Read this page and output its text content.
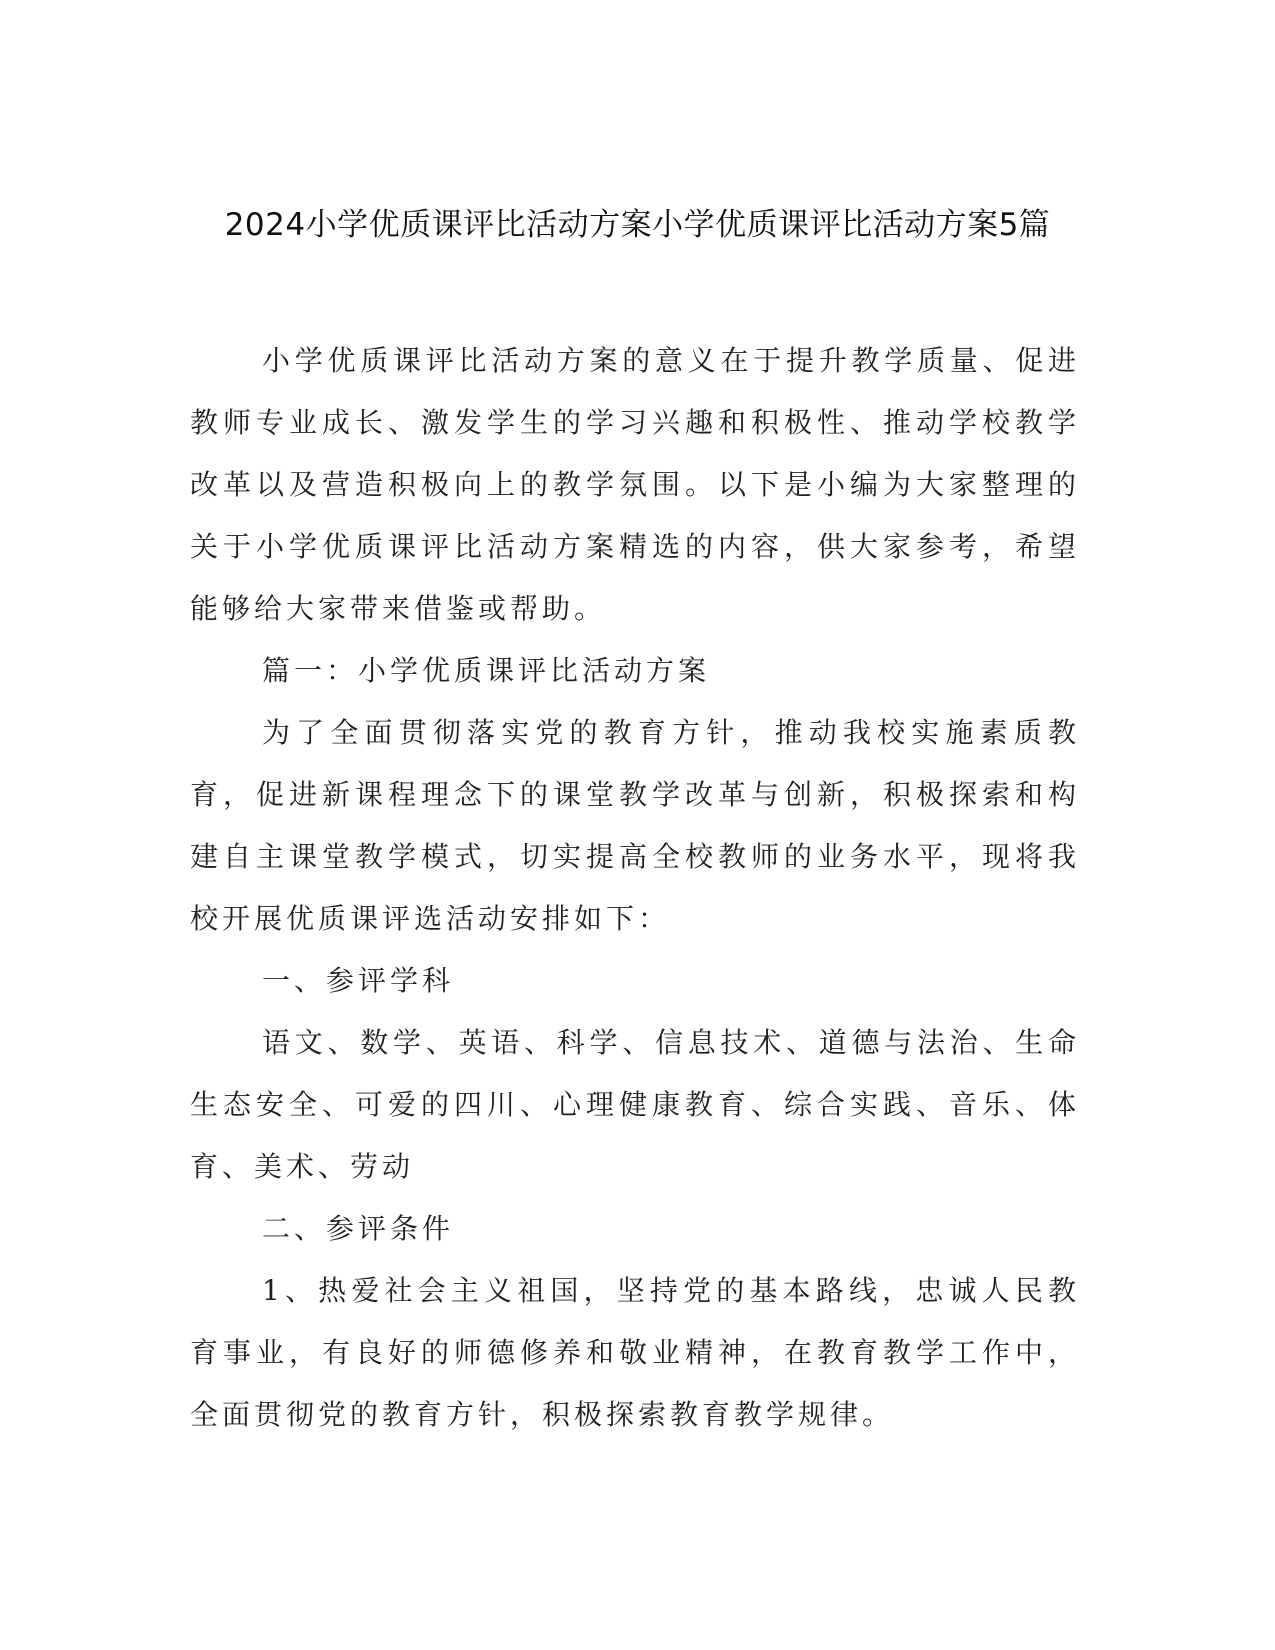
2024小学优质课评比活动方案小学优质课评比活动方案5篇

小学优质课评比活动方案的意义在于提升教学质量、促进教师专业成长、激发学生的学习兴趣和积极性、推动学校教学改革以及营造积极向上的教学氛围。以下是小编为大家整理的关于小学优质课评比活动方案精选的内容，供大家参考，希望能够给大家带来借鉴或帮助。

篇一：小学优质课评比活动方案

为了全面贯彻落实党的教育方针，推动我校实施素质教育，促进新课程理念下的课堂教学改革与创新，积极探索和构建自主课堂教学模式，切实提高全校教师的业务水平，现将我校开展优质课评选活动安排如下：

一、参评学科

语文、数学、英语、科学、信息技术、道德与法治、生命生态安全、可爱的四川、心理健康教育、综合实践、音乐、体育、美术、劳动

二、参评条件

1、热爱社会主义祖国，坚持党的基本路线，忠诚人民教育事业，有良好的师德修养和敬业精神，在教育教学工作中，全面贯彻党的教育方针，积极探索教育教学规律。
